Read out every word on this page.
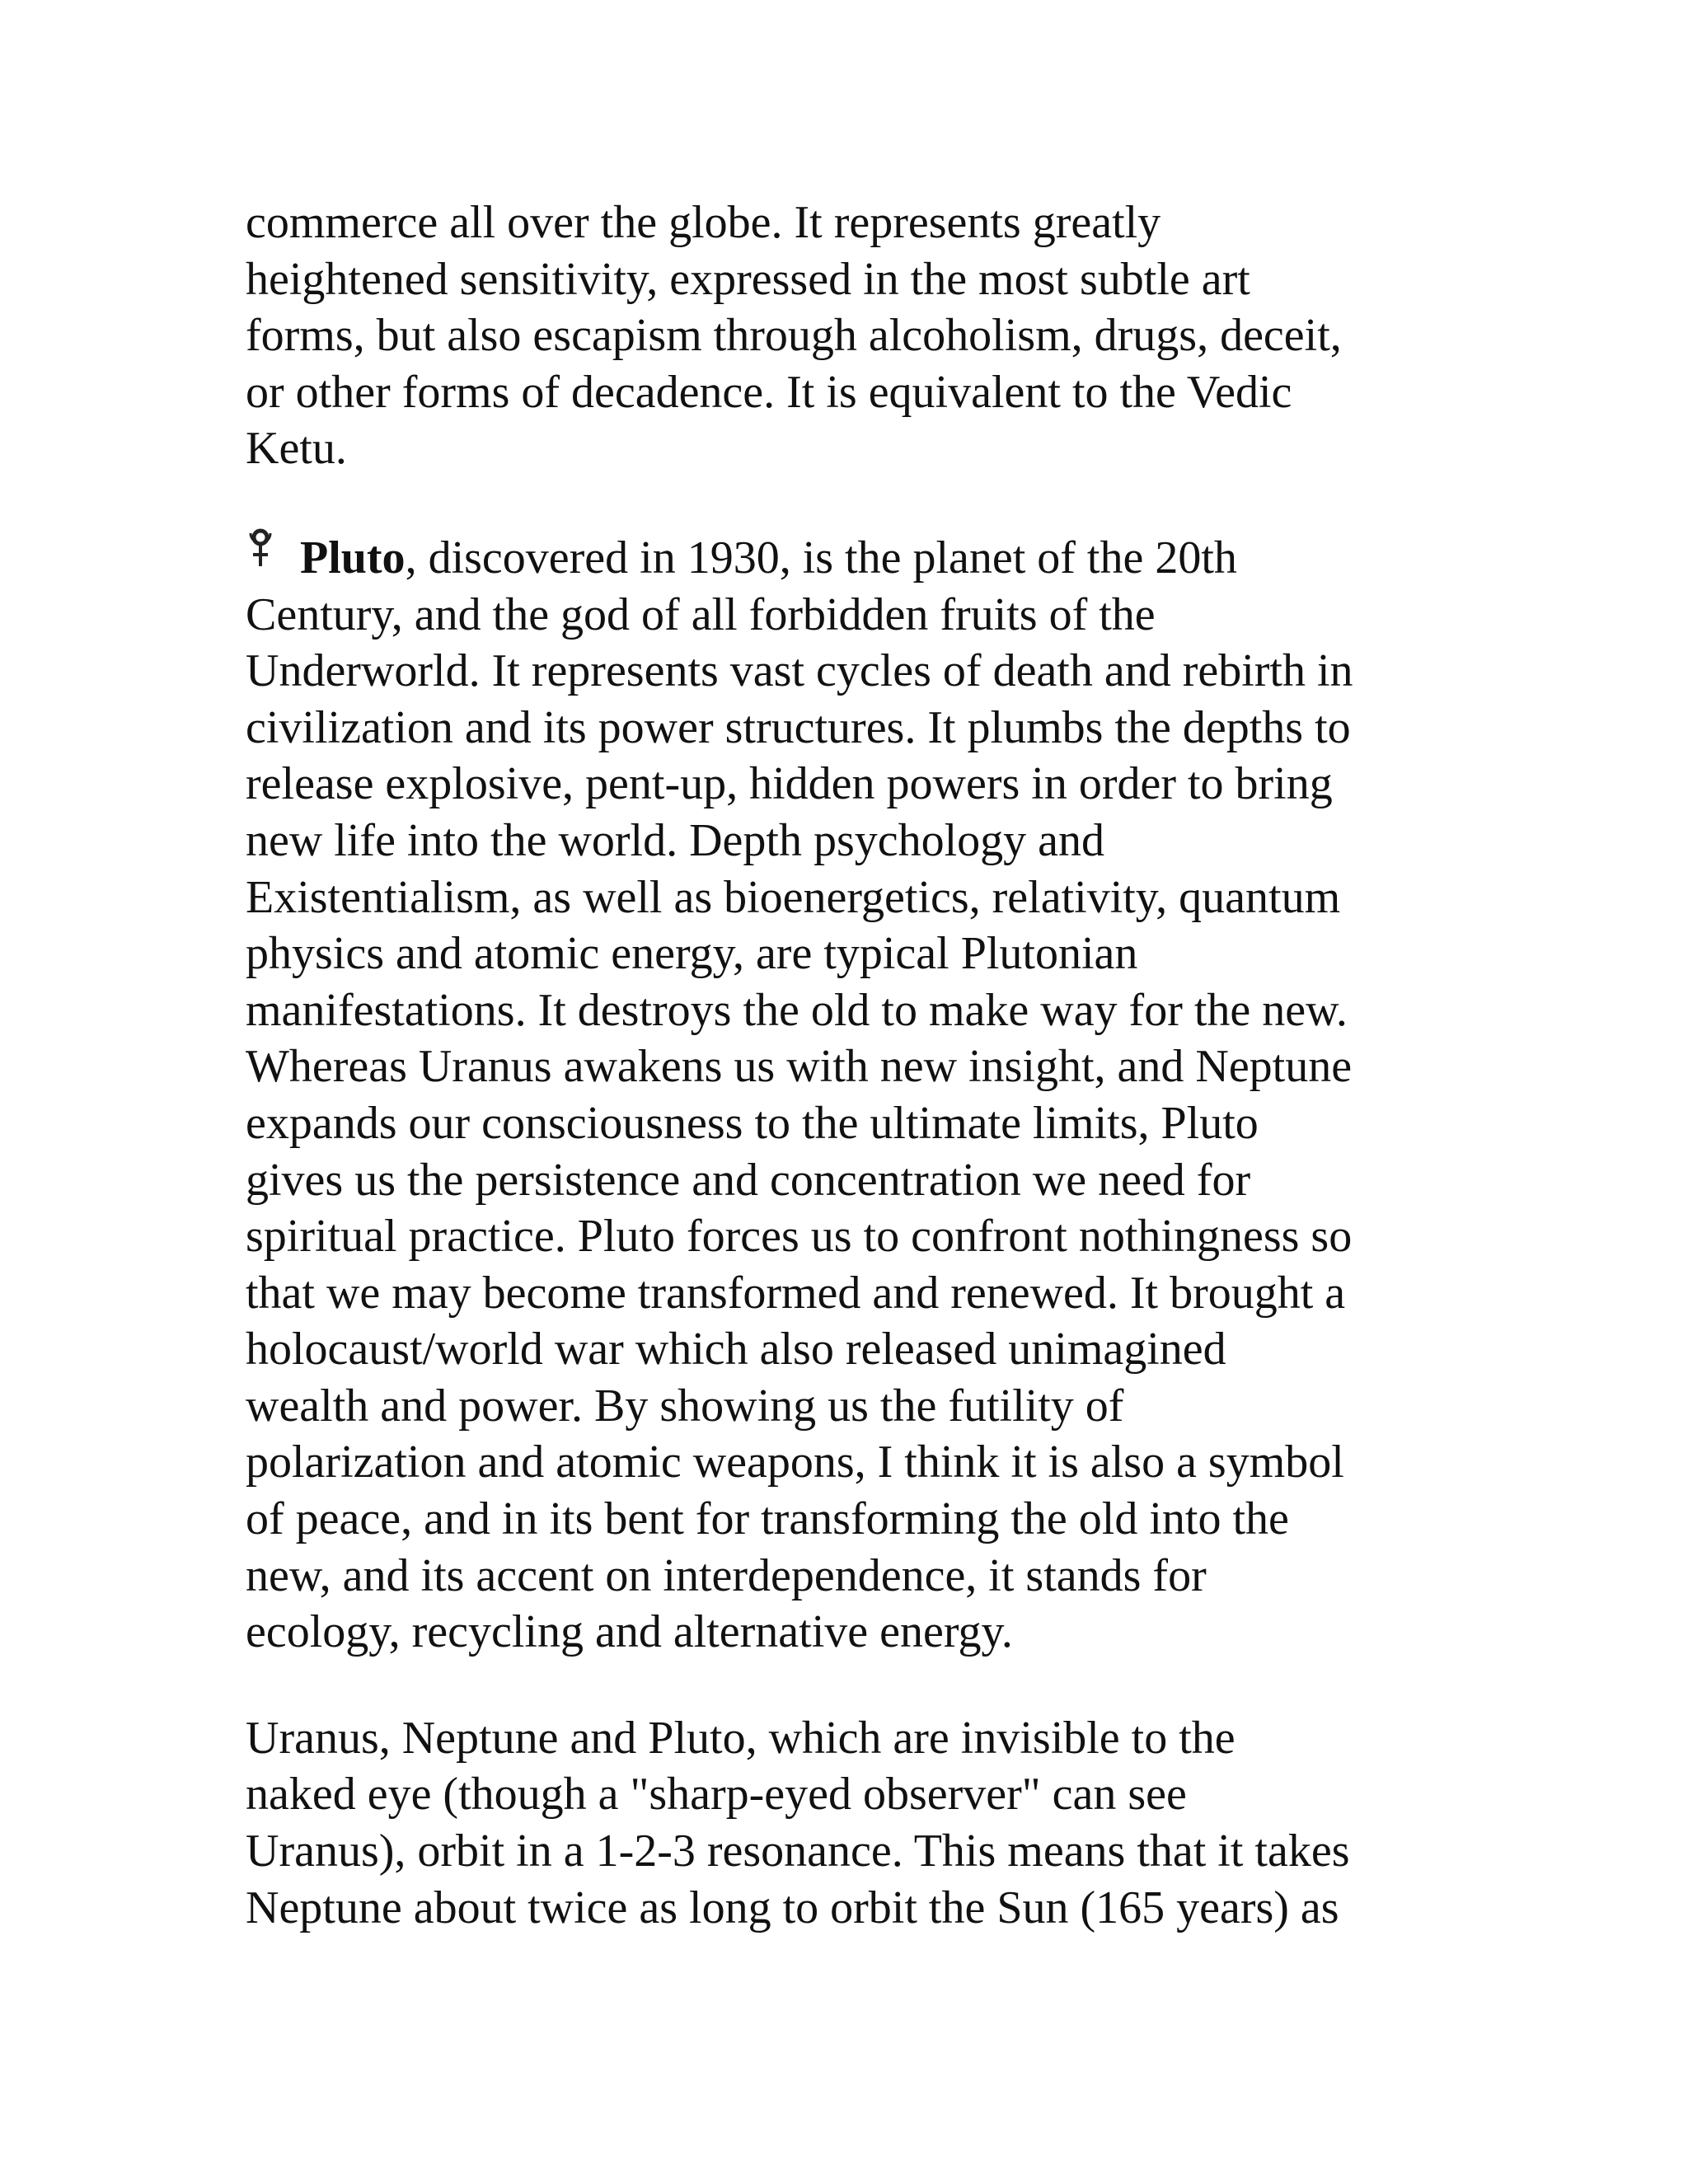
commerce all over the globe. It represents greatly
heightened sensitivity, expressed in the most subtle art
forms, but also escapism through alcoholism, drugs, deceit,
or other forms of decadence. It is equivalent to the Vedic
Ketu.

Pluto, discovered in 1930, is the planet of the 20th
Century, and the god of all forbidden fruits of the
Underworld. It represents vast cycles of death and rebirth in
civilization and its power structures. It plumbs the depths to
release explosive, pent-up, hidden powers in order to bring
new life into the world. Depth psychology and
Existentialism, as well as bioenergetics, relativity, quantum
physics and atomic energy, are typical Plutonian
manifestations. It destroys the old to make way for the new.
Whereas Uranus awakens us with new insight, and Neptune
expands our consciousness to the ultimate limits, Pluto
gives us the persistence and concentration we need for
spiritual practice. Pluto forces us to confront nothingness so
that we may become transformed and renewed. It brought a
holocaust/world war which also released unimagined
wealth and power. By showing us the futility of
polarization and atomic weapons, I think it is also a symbol
of peace, and in its bent for transforming the old into the
new, and its accent on interdependence, it stands for
ecology, recycling and alternative energy.

Uranus, Neptune and Pluto, which are invisible to the
naked eye (though a "sharp-eyed observer" can see
Uranus), orbit in a 1-2-3 resonance. This means that it takes
Neptune about twice as long to orbit the Sun (165 years) as
